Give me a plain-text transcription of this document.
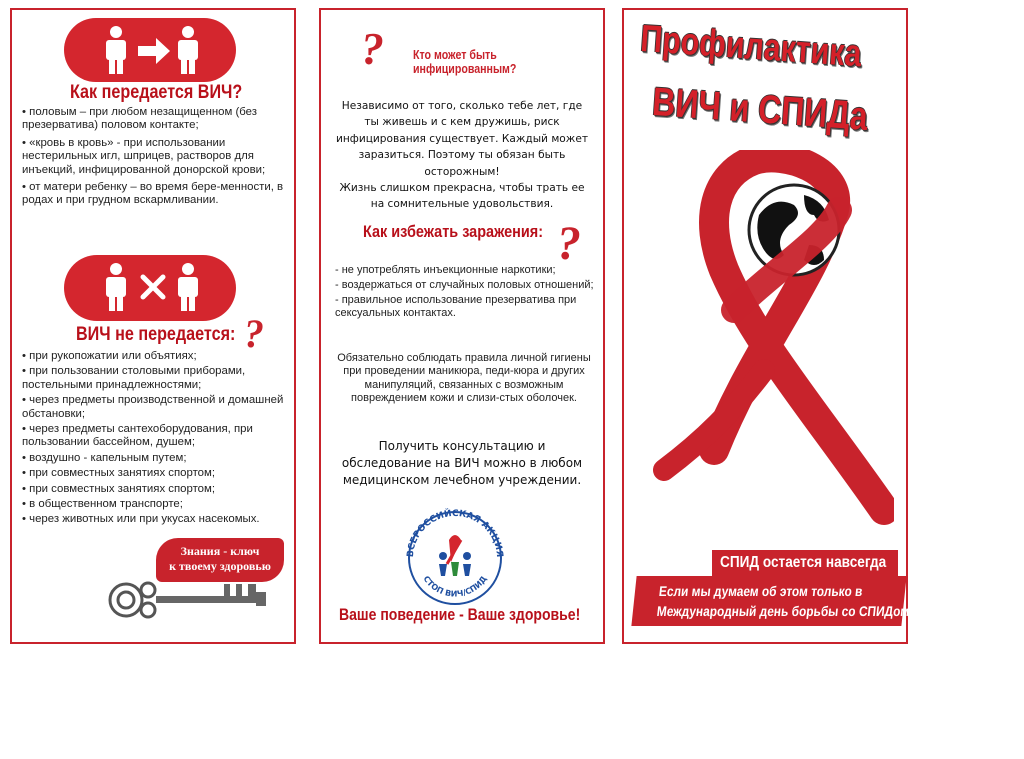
Как передается ВИЧ?
• половым – при любом незащищенном (без презерватива) половом контакте;
• «кровь в кровь» - при использовании нестерильных игл, шприцев, растворов для инъекций, инфицированной донорской крови;
• от матери ребенку – во время бере-менности, в родах и при грудном вскармливании.
ВИЧ не передается: ?
• при рукопожатии или объятиях;
• при пользовании столовыми приборами, постельными принадлежностями;
• через предметы производственной и домашней обстановки;
• через предметы сантехоборудования, при пользовании бассейном, душем;
• воздушно - капельным путем;
• при совместных занятиях спортом;
• при совместных занятиях спортом;
• в общественном транспорте;
• через животных или при укусах насекомых.
Знания - ключ
к твоему здоровью
? Кто может быть
инфицированным?
Независимо от того, сколько тебе лет, где
ты живешь и с кем дружишь, риск
инфицирования существует. Каждый может
заразиться. Поэтому ты обязан быть
осторожным!
Жизнь слишком прекрасна, чтобы трать ее
на сомнительные удовольствия.
Как избежать заражения: ?
- не употреблять инъекционные наркотики;
- воздержаться от случайных половых отношений;
- правильное использование презерватива при сексуальных контактах.
Обязательно соблюдать правила личной гигиены при проведении маникюра, педи-кюра и других манипуляций, связанных с возможным повреждением кожи и слизи-стых оболочек.
Получить консультацию и
обследование на ВИЧ можно в любом
медицинском лечебном учреждении.
ВСЕРОССИЙСКАЯ АКЦИЯ
СТОП ВИЧ/СПИД
Ваше поведение - Ваше здоровье!
Профилактика
ВИЧ и СПИДа
СПИД остается навсегда
Если мы думаем об этом только в
Международный день борьбы со СПИДом
